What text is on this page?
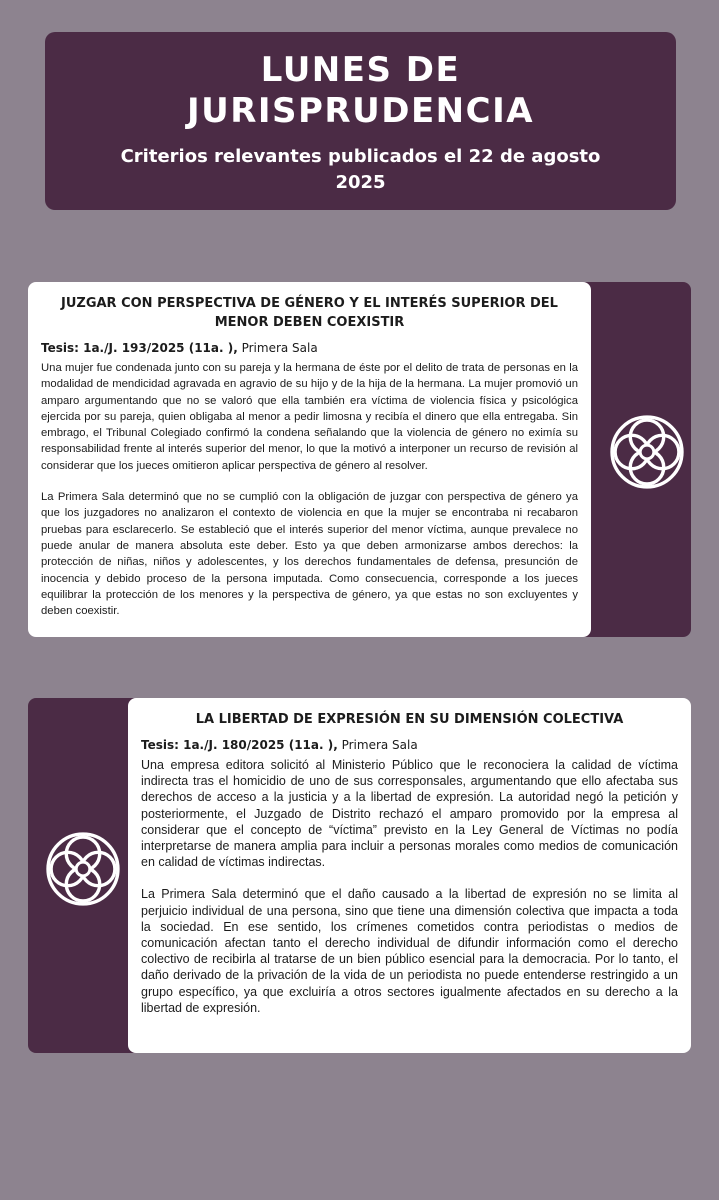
LUNES DE
JURISPRUDENCIA
Criterios relevantes publicados el 22 de agosto
2025

JUZGAR CON PERSPECTIVA DE GÉNERO Y EL INTERÉS SUPERIOR DEL MENOR DEBEN COEXISTIR

Tesis: 1a./J. 193/2025 (11a. ), Primera Sala

Una mujer fue condenada junto con su pareja y la hermana de éste por el delito de trata de personas en la modalidad de mendicidad agravada en agravio de su hijo y de la hija de la hermana. La mujer promovió un amparo argumentando que no se valoró que ella también era víctima de violencia física y psicológica ejercida por su pareja, quien obligaba al menor a pedir limosna y recibía el dinero que ella entregaba. Sin embrago, el Tribunal Colegiado confirmó la condena señalando que la violencia de género no eximía su responsabilidad frente al interés superior del menor, lo que la motivó a interponer un recurso de revisión al considerar que los jueces omitieron aplicar perspectiva de género al resolver.

La Primera Sala determinó que no se cumplió con la obligación de juzgar con perspectiva de género ya que los juzgadores no analizaron el contexto de violencia en que la mujer se encontraba ni recabaron pruebas para esclarecerlo. Se estableció que el interés superior del menor víctima, aunque prevalece no puede anular de manera absoluta este deber. Esto ya que deben armonizarse ambos derechos: la protección de niñas, niños y adolescentes, y los derechos fundamentales de defensa, presunción de inocencia y debido proceso de la persona imputada. Como consecuencia, corresponde a los jueces equilibrar la protección de los menores y la perspectiva de género, ya que estas no son excluyentes y deben coexistir.

LA LIBERTAD DE EXPRESIÓN EN SU DIMENSIÓN COLECTIVA

Tesis: 1a./J. 180/2025 (11a. ), Primera Sala

Una empresa editora solicitó al Ministerio Público que le reconociera la calidad de víctima indirecta tras el homicidio de uno de sus corresponsales, argumentando que ello afectaba sus derechos de acceso a la justicia y a la libertad de expresión. La autoridad negó la petición y posteriormente, el Juzgado de Distrito rechazó el amparo promovido por la empresa al considerar que el concepto de “víctima” previsto en la Ley General de Víctimas no podía interpretarse de manera amplia para incluir a personas morales como medios de comunicación en calidad de víctimas indirectas.

La Primera Sala determinó que el daño causado a la libertad de expresión no se limita al perjuicio individual de una persona, sino que tiene una dimensión colectiva que impacta a toda la sociedad. En ese sentido, los crímenes cometidos contra periodistas o medios de comunicación afectan tanto el derecho individual de difundir información como el derecho colectivo de recibirla al tratarse de un bien público esencial para la democracia. Por lo tanto, el daño derivado de la privación de la vida de un periodista no puede entenderse restringido a un grupo específico, ya que excluiría a otros sectores igualmente afectados en su derecho a la libertad de expresión.
